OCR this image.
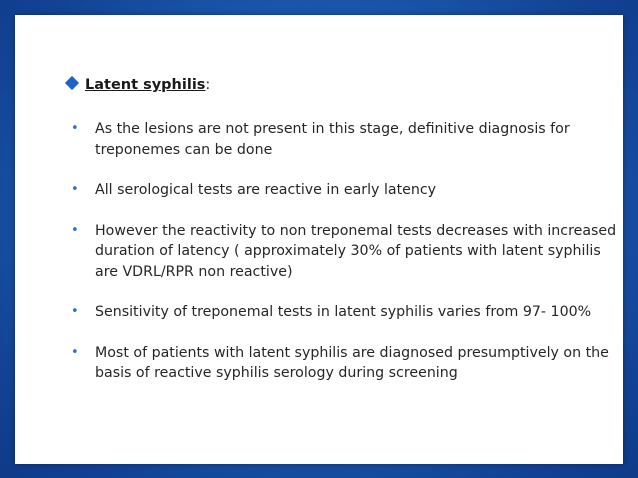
Latent syphilis:
• As the lesions are not present in this stage, definitive diagnosis for treponemes can be done
• All serological tests are reactive in early latency
• However the reactivity to non treponemal tests decreases with increased duration of latency ( approximately 30% of patients with latent syphilis are VDRL/RPR non reactive)
• Sensitivity of treponemal tests in latent syphilis varies from 97- 100%
• Most of patients with latent syphilis are diagnosed presumptively on the basis of reactive syphilis serology during screening
